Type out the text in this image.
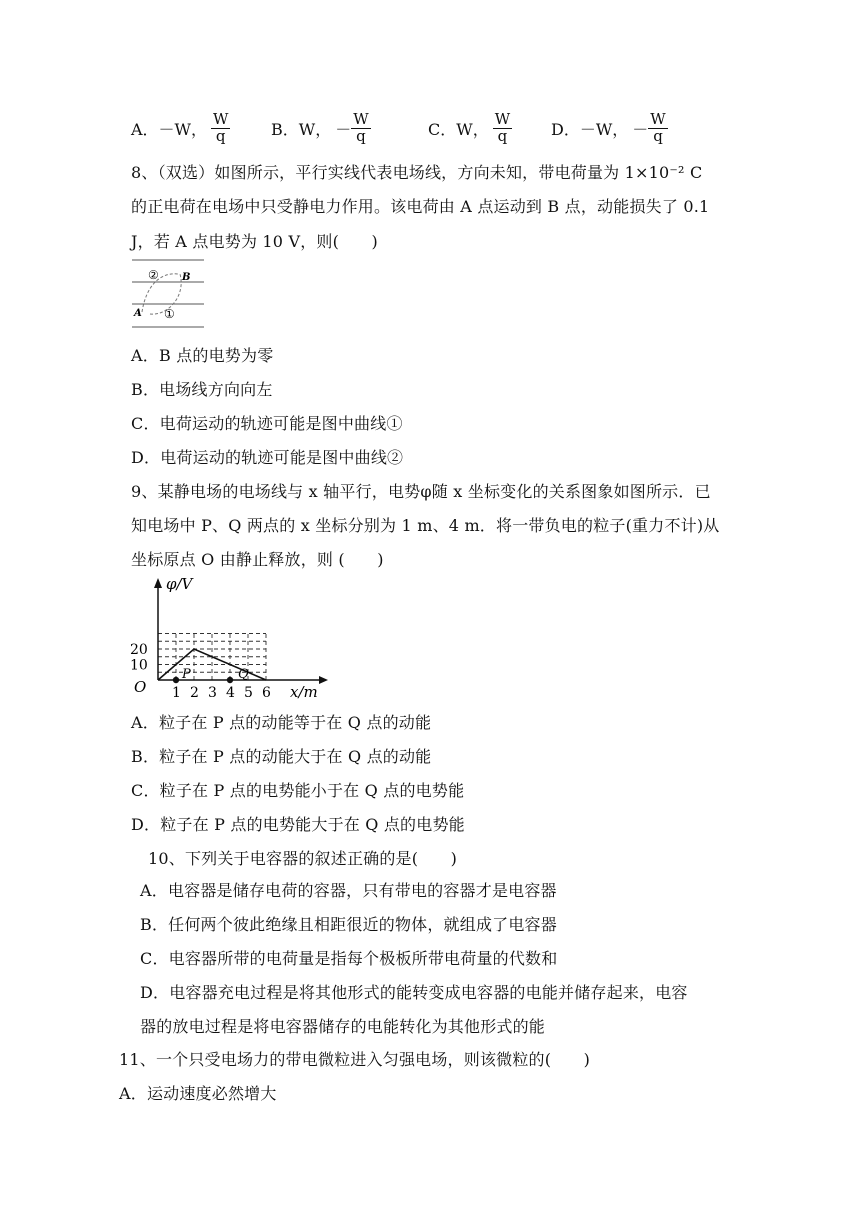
A．－W， $\frac{W}{q}$	B．W， － $\frac{W}{q}$	C．W， $\frac{W}{q}$ D．－W， － $\frac{W}{q}$
8、（双选）如图所示，平行实线代表电场线，方向未知，带电荷量为 1×10⁻² C
的正电荷在电场中只受静电力作用。该电荷由 A 点运动到 B 点，动能损失了 0.1
J，若 A 点电势为 10 V，则(　　)
② B
A ①
A．B 点的电势为零
B．电场线方向向左
C．电荷运动的轨迹可能是图中曲线①
D．电荷运动的轨迹可能是图中曲线②
9、某静电场的电场线与 x 轴平行，电势φ随 x 坐标变化的关系图象如图所示．已
知电场中 P、Q 两点的 x 坐标分别为 1 m、4 m．将一带负电的粒子(重力不计)从
坐标原点 O 由静止释放，则 (　　)
1 2 3 4 5 6
20
10
φ/V
x/m
O
P	Q
A．粒子在 P 点的动能等于在 Q 点的动能
B．粒子在 P 点的动能大于在 Q 点的动能
C．粒子在 P 点的电势能小于在 Q 点的电势能
D．粒子在 P 点的电势能大于在 Q 点的电势能
10、下列关于电容器的叙述正确的是(　　)
A．电容器是储存电荷的容器，只有带电的容器才是电容器
B．任何两个彼此绝缘且相距很近的物体，就组成了电容器
C．电容器所带的电荷量是指每个极板所带电荷量的代数和
D．电容器充电过程是将其他形式的能转变成电容器的电能并储存起来，电容
器的放电过程是将电容器储存的电能转化为其他形式的能
11、一个只受电场力的带电微粒进入匀强电场，则该微粒的(　　)
A．运动速度必然增大
